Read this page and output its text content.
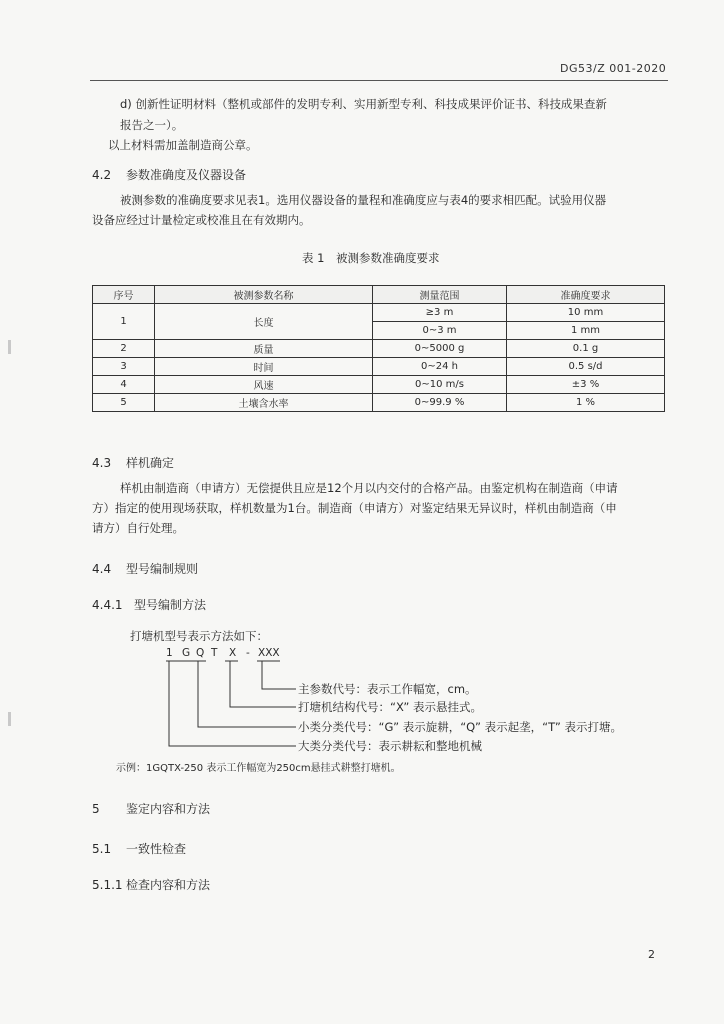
DG53/Z 001-2020
d) 创新性证明材料（整机或部件的发明专利、实用新型专利、科技成果评价证书、科技成果查新
报告之一）。
以上材料需加盖制造商公章。
4.2 参数准确度及仪器设备
被测参数的准确度要求见表1。选用仪器设备的量程和准确度应与表4的要求相匹配。试验用仪器
设备应经过计量检定或校准且在有效期内。
表 1　被测参数准确度要求
序号	被测参数名称	测量范围	准确度要求
1	长度	≥3 m	10 mm
		0~3 m	1 mm
2	质量	0~5000 g	0.1 g
3	时间	0~24 h	0.5 s/d
4	风速	0~10 m/s	±3 %
5	土壤含水率	0~99.9 %	1 %
4.3 样机确定
样机由制造商（申请方）无偿提供且应是12个月以内交付的合格产品。由鉴定机构在制造商（申请
方）指定的使用现场获取，样机数量为1台。制造商（申请方）对鉴定结果无异议时，样机由制造商（申
请方）自行处理。
4.4 型号编制规则
4.4.1 型号编制方法
打塘机型号表示方法如下：
1 G Q T X - XXX
主参数代号：表示工作幅宽，cm。
打塘机结构代号：“X” 表示悬挂式。
小类分类代号：“G” 表示旋耕，“Q” 表示起垄，“T” 表示打塘。
大类分类代号：表示耕耘和整地机械
示例：1GQTX-250 表示工作幅宽为250cm悬挂式耕整打塘机。
5 鉴定内容和方法
5.1 一致性检查
5.1.1 检查内容和方法
2
